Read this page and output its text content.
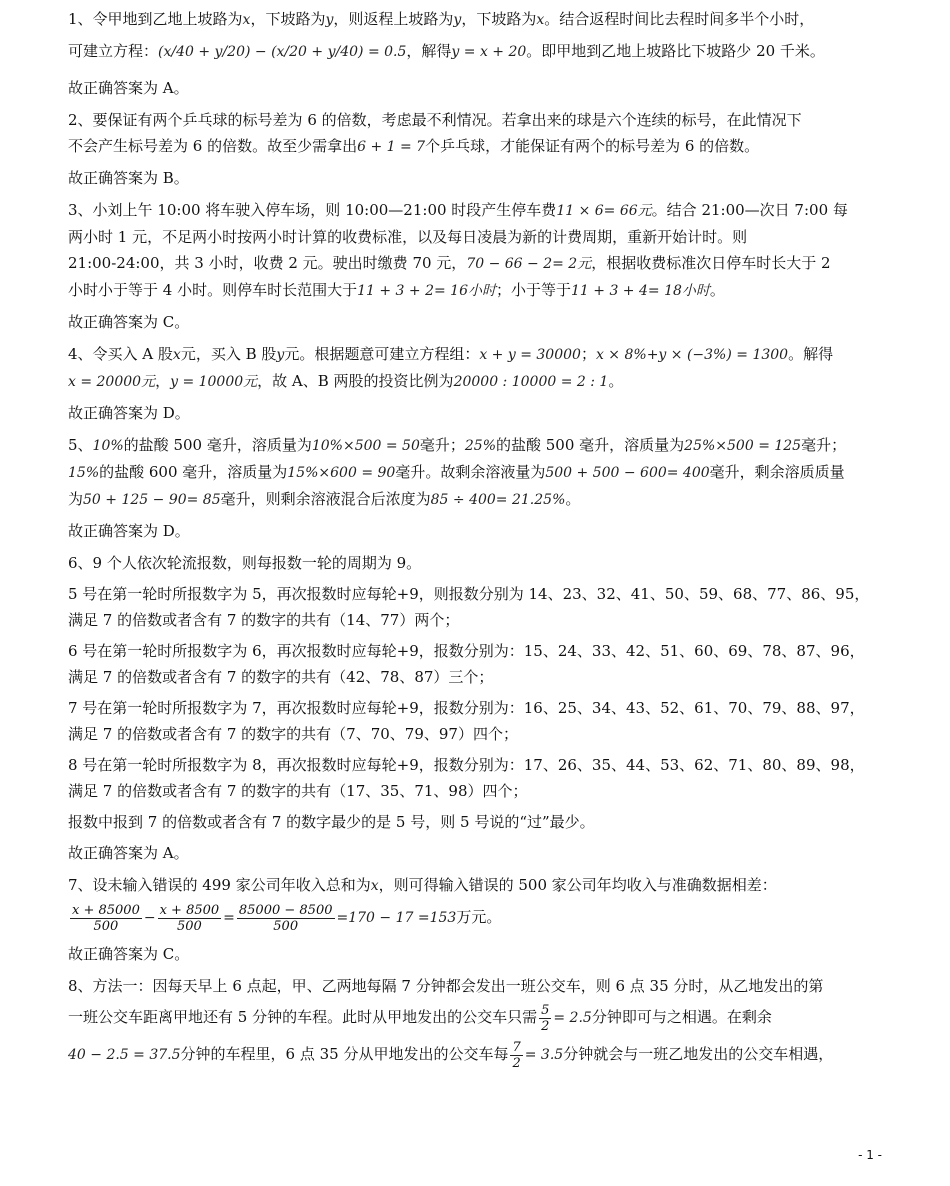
1、令甲地到乙地上坡路为x，下坡路为y，则返程上坡路为y，下坡路为x。结合返程时间比去程时间多半个小时，
可建立方程：(x/40 + y/20) − (x/20 + y/40) = 0.5，解得y = x + 20。即甲地到乙地上坡路比下坡路少 20 千米。
故正确答案为 A。
2、要保证有两个乒乓球的标号差为 6 的倍数，考虑最不利情况。若拿出来的球是六个连续的标号，在此情况下
不会产生标号差为 6 的倍数。故至少需拿出6 + 1 = 7个乒乓球，才能保证有两个的标号差为 6 的倍数。
故正确答案为 B。
3、小刘上午 10:00 将车驶入停车场，则 10:00—21:00 时段产生停车费11 × 6= 66元。结合 21:00—次日 7:00 每
两小时 1 元，不足两小时按两小时计算的收费标准，以及每日凌晨为新的计费周期，重新开始计时。则
21:00-24:00，共 3 小时，收费 2 元。驶出时缴费 70 元，70 − 66 − 2= 2元，根据收费标准次日停车时长大于 2
小时小于等于 4 小时。则停车时长范围大于11 + 3 + 2= 16小时；小于等于11 + 3 + 4= 18小时。
故正确答案为 C。
4、令买入 A 股x元，买入 B 股y元。根据题意可建立方程组：x + y = 30000；x × 8%+y × (−3%) = 1300。解得
x = 20000元，y = 10000元，故 A、B 两股的投资比例为20000 : 10000 = 2 : 1。
故正确答案为 D。
5、10%的盐酸 500 毫升，溶质量为10%×500 = 50毫升；25%的盐酸 500 毫升，溶质量为25%×500 = 125毫升；
15%的盐酸 600 毫升，溶质量为15%×600 = 90毫升。故剩余溶液量为500 + 500 − 600= 400毫升，剩余溶质质量
为50 + 125 − 90= 85毫升，则剩余溶液混合后浓度为85 ÷ 400= 21.25%。
故正确答案为 D。
6、9 个人依次轮流报数，则每报数一轮的周期为 9。
5 号在第一轮时所报数字为 5，再次报数时应每轮+9，则报数分别为 14、23、32、41、50、59、68、77、86、95，
满足 7 的倍数或者含有 7 的数字的共有（14、77）两个；
6 号在第一轮时所报数字为 6，再次报数时应每轮+9，报数分别为：15、24、33、42、51、60、69、78、87、96，
满足 7 的倍数或者含有 7 的数字的共有（42、78、87）三个；
7 号在第一轮时所报数字为 7，再次报数时应每轮+9，报数分别为：16、25、34、43、52、61、70、79、88、97，
满足 7 的倍数或者含有 7 的数字的共有（7、70、79、97）四个；
8 号在第一轮时所报数字为 8，再次报数时应每轮+9，报数分别为：17、26、35、44、53、62、71、80、89、98，
满足 7 的倍数或者含有 7 的数字的共有（17、35、71、98）四个；
报数中报到 7 的倍数或者含有 7 的数字最少的是 5 号，则 5 号说的“过”最少。
故正确答案为 A。
7、设未输入错误的 499 家公司年收入总和为x，则可得输入错误的 500 家公司年均收入与准确数据相差：
$\frac{x + 85000}{500} - \frac{x + 8500}{500} = \frac{85000 - 8500}{500} =170 - 17 =153$万元。
故正确答案为 C。
8、方法一：因每天早上 6 点起，甲、乙两地每隔 7 分钟都会发出一班公交车，则 6 点 35 分时，从乙地发出的第
一班公交车距离甲地还有 5 分钟的车程。此时从甲地发出的公交车只需 $\frac{5}{2} = 2.5$分钟即可与之相遇。在剩余
40 − 2.5 = 37.5分钟的车程里，6 点 35 分从甲地发出的公交车每 $\frac{7}{2} = 3.5$分钟就会与一班乙地发出的公交车相遇，
- 1 -
